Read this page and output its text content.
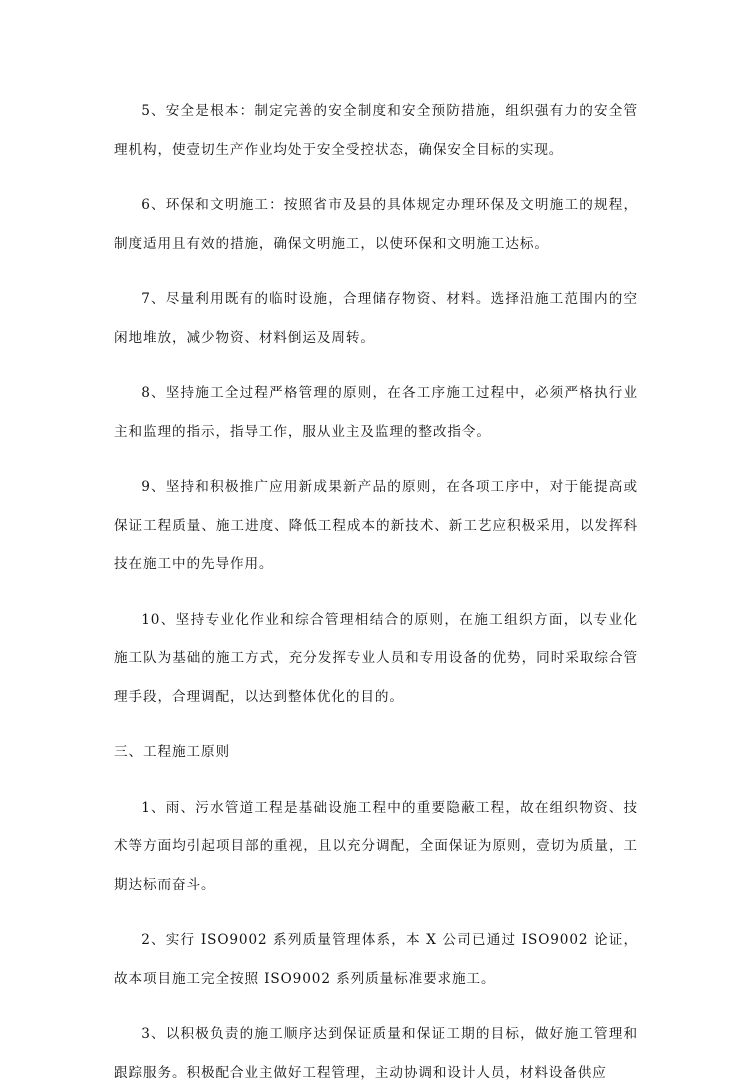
5、安全是根本：制定完善的安全制度和安全预防措施，组织强有力的安全管理机构，使壹切生产作业均处于安全受控状态，确保安全目标的实现。

6、环保和文明施工：按照省市及县的具体规定办理环保及文明施工的规程，制度适用且有效的措施，确保文明施工，以使环保和文明施工达标。

7、尽量利用既有的临时设施，合理储存物资、材料。选择沿施工范围内的空闲地堆放，减少物资、材料倒运及周转。

8、坚持施工全过程严格管理的原则，在各工序施工过程中，必须严格执行业主和监理的指示，指导工作，服从业主及监理的整改指令。

9、坚持和积极推广应用新成果新产品的原则，在各项工序中，对于能提高或保证工程质量、施工进度、降低工程成本的新技术、新工艺应积极采用，以发挥科技在施工中的先导作用。

10、坚持专业化作业和综合管理相结合的原则，在施工组织方面，以专业化施工队为基础的施工方式，充分发挥专业人员和专用设备的优势，同时采取综合管理手段，合理调配，以达到整体优化的目的。

三、工程施工原则

1、雨、污水管道工程是基础设施工程中的重要隐蔽工程，故在组织物资、技术等方面均引起项目部的重视，且以充分调配，全面保证为原则，壹切为质量，工期达标而奋斗。

2、实行 ISO9002 系列质量管理体系，本 X 公司已通过 ISO9002 论证，故本项目施工完全按照 ISO9002 系列质量标准要求施工。

3、以积极负责的施工顺序达到保证质量和保证工期的目标，做好施工管理和跟踪服务。积极配合业主做好工程管理，主动协调和设计人员，材料设备供应
